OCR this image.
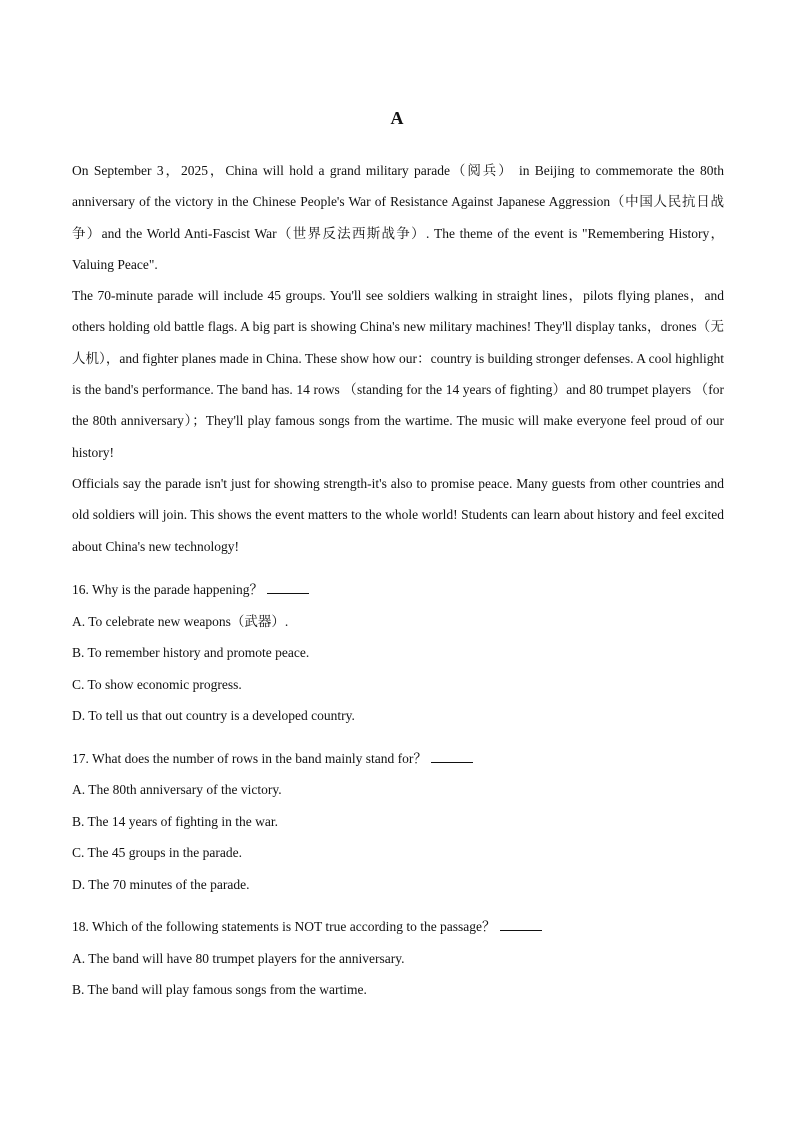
A

On September 3，2025，China will hold a grand military parade（阅兵） in Beijing to commemorate the 80th anniversary of the victory in the Chinese People's War of Resistance Against Japanese Aggression（中国人民抗日战争）and the World Anti-Fascist War（世界反法西斯战争）. The theme of the event is "Remembering History，Valuing Peace".

The 70-minute parade will include 45 groups. You'll see soldiers walking in straight lines，pilots flying planes，and others holding old battle flags. A big part is showing China's new military machines! They'll display tanks，drones（无人机），and fighter planes made in China. These show how our：country is building stronger defenses. A cool highlight is the band's performance. The band has. 14 rows （standing for the 14 years of fighting）and 80 trumpet players （for the 80th anniversary）；They'll play famous songs from the wartime. The music will make everyone feel proud of our history!

Officials say the parade isn't just for showing strength-it's also to promise peace. Many guests from other countries and old soldiers will join. This shows the event matters to the whole world! Students can learn about history and feel excited about China's new technology!

16. Why is the parade happening？
A. To celebrate new weapons（武器）.
B. To remember history and promote peace.
C. To show economic progress.
D. To tell us that out country is a developed country.
17. What does the number of rows in the band mainly stand for？
A. The 80th anniversary of the victory.
B. The 14 years of fighting in the war.
C. The 45 groups in the parade.
D. The 70 minutes of the parade.
18. Which of the following statements is NOT true according to the passage？
A. The band will have 80 trumpet players for the anniversary.
B. The band will play famous songs from the wartime.
